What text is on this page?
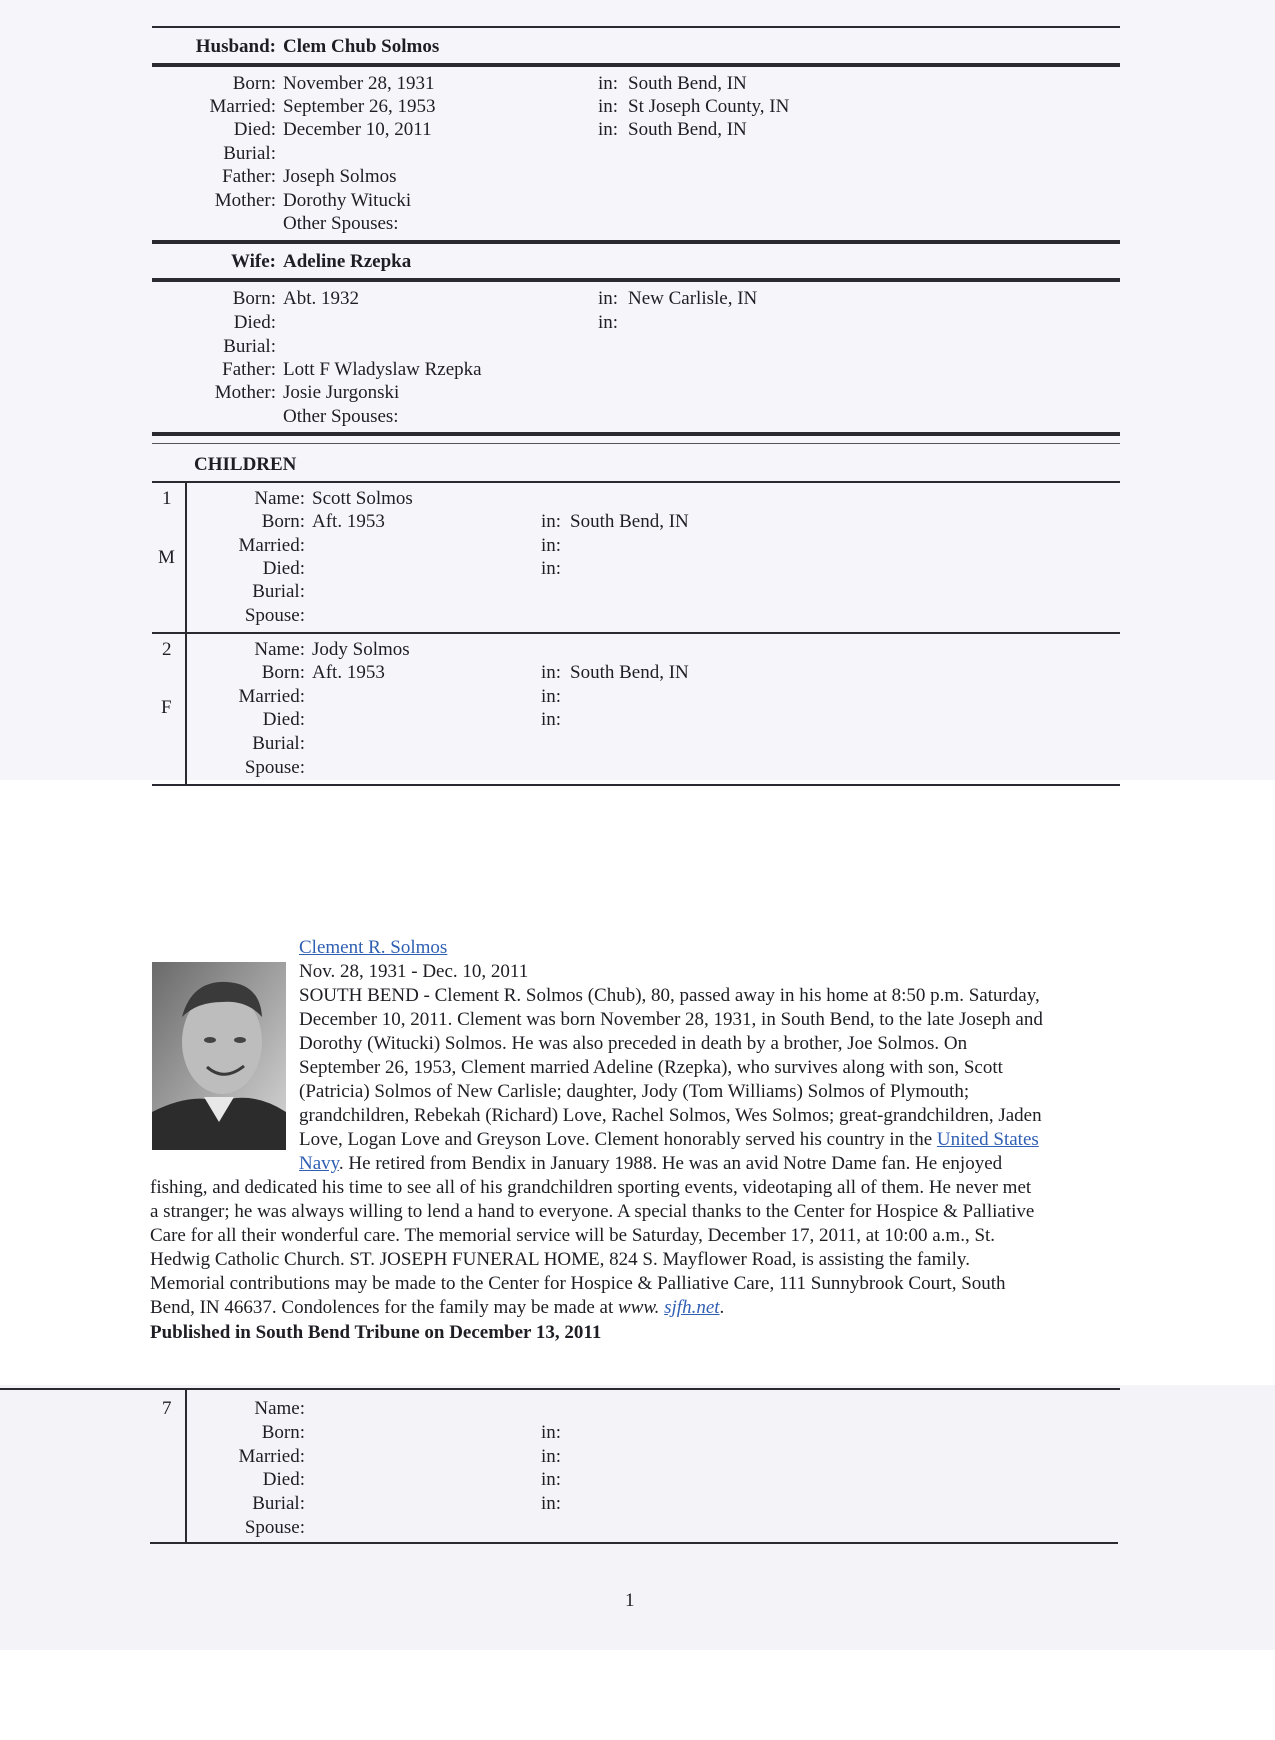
Husband: Clem Chub Solmos
Born: November 28, 1931	in: South Bend, IN
Married: September 26, 1953	in: St Joseph County, IN
Died: December 10, 2011	in: South Bend, IN
Burial:
Father: Joseph Solmos
Mother: Dorothy Witucki
Other Spouses:
Wife: Adeline Rzepka
Born: Abt. 1932	in: New Carlisle, IN
Died:	in:
Burial:
Father: Lott F Wladyslaw Rzepka
Mother: Josie Jurgonski
Other Spouses:
CHILDREN
1
M
Name: Scott Solmos
Born: Aft. 1953	in: South Bend, IN
Married:	in:
Died:	in:
Burial:
Spouse:
2
F
Name: Jody Solmos
Born: Aft. 1953	in: South Bend, IN
Married:	in:
Died:	in:
Burial:
Spouse:
Clement R. Solmos
Nov. 28, 1931 - Dec. 10, 2011
SOUTH BEND - Clement R. Solmos (Chub), 80, passed away in his home at 8:50 p.m. Saturday,
December 10, 2011. Clement was born November 28, 1931, in South Bend, to the late Joseph and
Dorothy (Witucki) Solmos. He was also preceded in death by a brother, Joe Solmos. On
September 26, 1953, Clement married Adeline (Rzepka), who survives along with son, Scott
(Patricia) Solmos of New Carlisle; daughter, Jody (Tom Williams) Solmos of Plymouth;
grandchildren, Rebekah (Richard) Love, Rachel Solmos, Wes Solmos; great-grandchildren, Jaden
Love, Logan Love and Greyson Love. Clement honorably served his country in the United States
Navy. He retired from Bendix in January 1988. He was an avid Notre Dame fan. He enjoyed
fishing, and dedicated his time to see all of his grandchildren sporting events, videotaping all of them. He never met
a stranger; he was always willing to lend a hand to everyone. A special thanks to the Center for Hospice & Palliative
Care for all their wonderful care. The memorial service will be Saturday, December 17, 2011, at 10:00 a.m., St.
Hedwig Catholic Church. ST. JOSEPH FUNERAL HOME, 824 S. Mayflower Road, is assisting the family.
Memorial contributions may be made to the Center for Hospice & Palliative Care, 111 Sunnybrook Court, South
Bend, IN 46637. Condolences for the family may be made at www. sjfh.net.
Published in South Bend Tribune on December 13, 2011
7	Name:
Born:	in:
Married:	in:
Died:	in:
Burial:	in:
Spouse:
1
